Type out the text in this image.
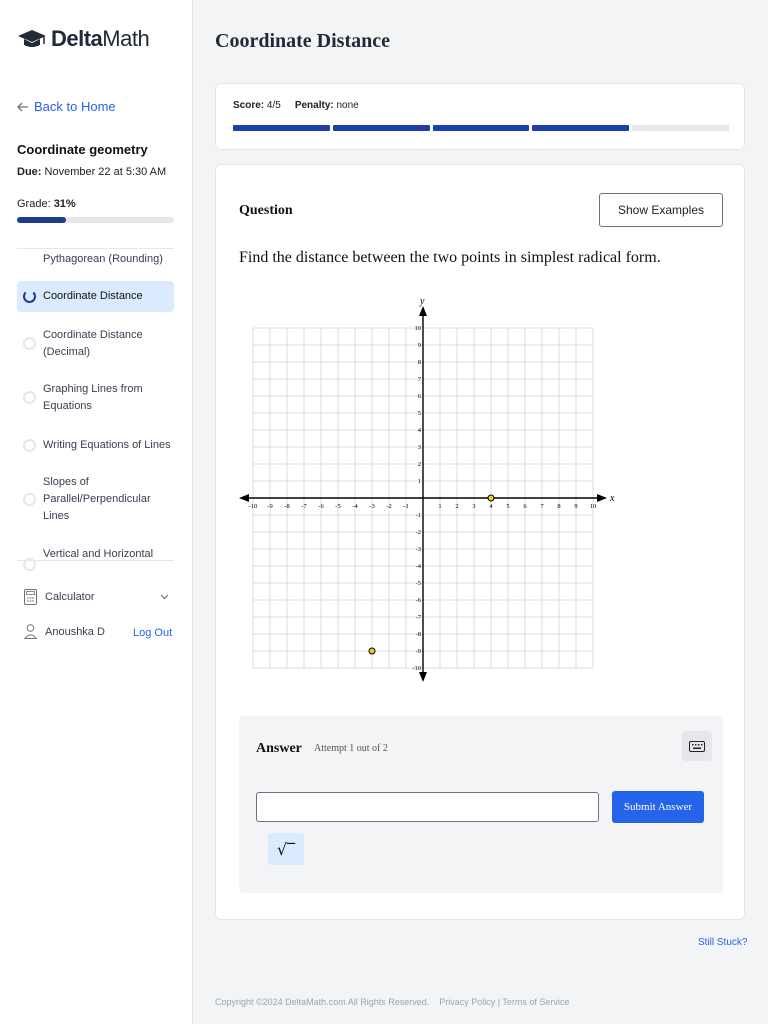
DeltaMath
Back to Home
Coordinate geometry
Due: November 22 at 5:30 AM
Grade: 31%
Pythagorean (Rounding)
Coordinate Distance
Coordinate Distance (Decimal)
Graphing Lines from Equations
Writing Equations of Lines
Slopes of Parallel/Perpendicular Lines
Vertical and Horizontal
Calculator
Anoushka D	Log Out
Coordinate Distance
Score: 4/5 Penalty: none
Question	Show Examples
Find the distance between the two points in simplest radical form.
x
y
-10 -9 -8 -7 -6 -5 -4 -3 -2 -1	1 2 3 4 5 6 7 8 9 10
-10
-9
-8
-7
-6
-5
-4
-3
-2
-1
1
2
3
4
5
6
7
8
9
10
Answer Attempt 1 out of 2
Submit Answer
√‾
Still Stuck?
Copyright ©2024 DeltaMath.com All Rights Reserved. Privacy Policy | Terms of Service
